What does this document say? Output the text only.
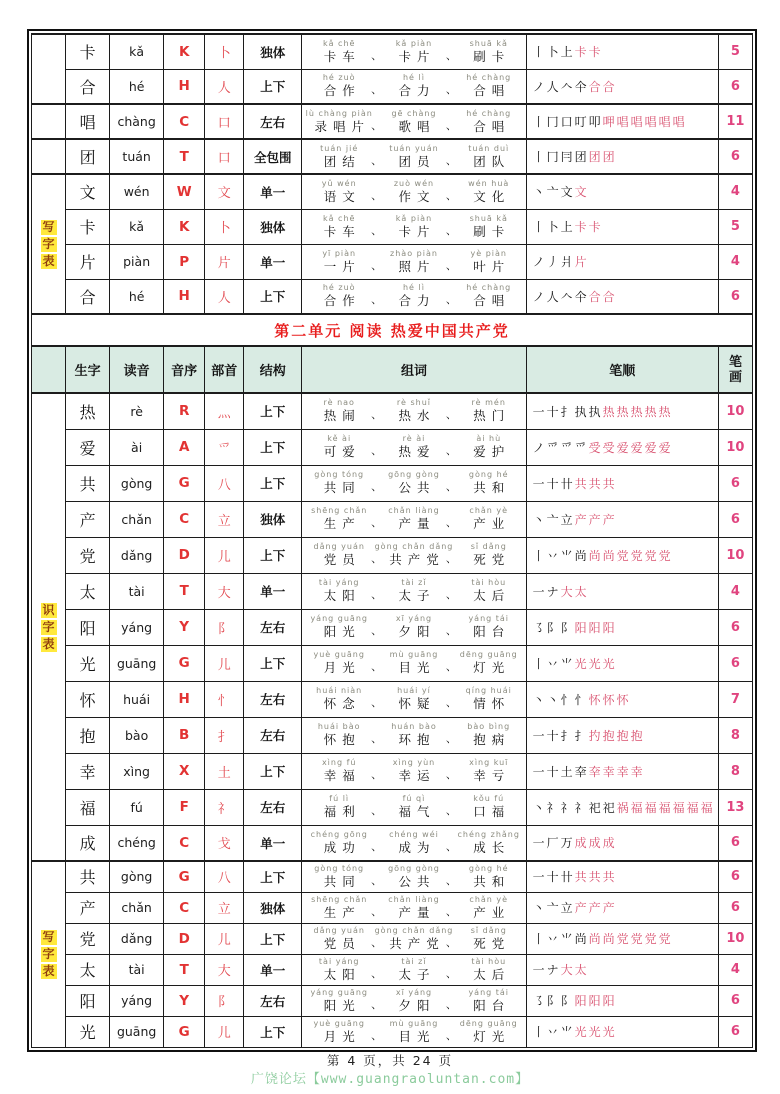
	卡	kǎ	K	卜	独体	
kǎ chē
卡车 、
kǎ piàn
卡片 、
shuā kǎ
刷卡	丨卜上卡卡	5
合	hé	H	人	上下	
hé zuò
合作 、
hé lì
合力 、
hé chàng
合唱	ノ人𠆢仐合合	6
	唱	chàng	C	口	左右	
lù chàng piàn
录唱片 、
gē chàng
歌唱 、
hé chàng
合唱	丨冂口叮叩呷唱唱唱唱唱	11
	团	tuán	T	口	全包围	
tuán jié
团结 、
tuán yuán
团员 、
tuán duì
团队	丨冂冃团团团	6

写
字
表
	文	wén	W	文	单一	
yǔ wén
语文 、
zuò wén
作文 、
wén huà
文化	丶亠文文	4
卡	kǎ	K	卜	独体	
kǎ chē
卡车 、
kǎ piàn
卡片 、
shuā kǎ
刷卡	丨卜上卡卡	5
片	piàn	P	片	单一	
yī piàn
一片 、
zhào piàn
照片 、
yè piàn
叶片	ノ丿爿片	4
合	hé	H	人	上下	
hé zuò
合作 、
hé lì
合力 、
hé chàng
合唱	ノ人𠆢仐合合	6
第二单元 阅读 热爱中国共产党								
	生字	读音	音序	部首	结构	组词	笔顺	笔画

识
字
表
	热	rè	R	灬	上下	
rè nao
热闹 、
rè shuǐ
热水 、
rè mén
热门	一十扌执执热热热热热	10
爱	ài	A	爫	上下	
kě ài
可爱 、
rè ài
热爱 、
ài hù
爱护	ノ爫爫爫受受爱爱爱爱	10
共	gòng	G	八	上下	
gòng tóng
共同 、
gōng gòng
公共 、
gòng hé
共和	一十卄共共共	6
产	chǎn	C	立	独体	
shēng chǎn
生产 、
chǎn liàng
产量 、
chǎn yè
产业	丶亠立产产产	6
党	dǎng	D	儿	上下	
dǎng yuán
党员 、
gòng chǎn dǎng
共产党 、
sǐ dǎng
死党	丨丷⺌尚尚尚党党党党	10
太	tài	T	大	单一	
tài yáng
太阳 、
tài zǐ
太子 、
tài hòu
太后	一ナ大太	4
阳	yáng	Y	阝	左右	
yáng guāng
阳光 、
xī yáng
夕阳 、
yáng tái
阳台	㇌阝阝阳阳阳	6
光	guāng	G	儿	上下	
yuè guāng
月光 、
mù guāng
目光 、
dēng guāng
灯光	丨丷⺌光光光	6
怀	huái	H	忄	左右	
huái niàn
怀念 、
huái yí
怀疑 、
qíng huái
情怀	丶丶忄忄怀怀怀	7
抱	bào	B	扌	左右	
huái bào
怀抱 、
huán bào
环抱 、
bào bìng
抱病	一十扌扌扚抱抱抱	8
幸	xìng	X	土	上下	
xìng fú
幸福 、
xìng yùn
幸运 、
xìng kuī
幸亏	一十土㚔㚔幸幸幸	8
福	fú	F	礻	左右	
fú lì
福利 、
fú qì
福气 、
kǒu fú
口福	丶礻礻礻祀祀祸福福福福福福	13
成	chéng	C	戈	单一	
chéng gōng
成功 、
chéng wéi
成为 、
chéng zhǎng
成长	一厂万成成成	6

写
字
表
	共	gòng	G	八	上下	
gòng tóng
共同 、
gōng gòng
公共 、
gòng hé
共和	一十卄共共共	6
产	chǎn	C	立	独体	
shēng chǎn
生产 、
chǎn liàng
产量 、
chǎn yè
产业	丶亠立产产产	6
党	dǎng	D	儿	上下	
dǎng yuán
党员 、
gòng chǎn dǎng
共产党 、
sǐ dǎng
死党	丨丷⺌尚尚尚党党党党	10
太	tài	T	大	单一	
tài yáng
太阳 、
tài zǐ
太子 、
tài hòu
太后	一ナ大太	4
阳	yáng	Y	阝	左右	
yáng guāng
阳光 、
xī yáng
夕阳 、
yáng tái
阳台	㇌阝阝阳阳阳	6
光	guāng	G	儿	上下	
yuè guāng
月光 、
mù guāng
目光 、
dēng guāng
灯光	丨丷⺌光光光	6
第 4 页，共 24 页
广饶论坛【www.guangraoluntan.com】
